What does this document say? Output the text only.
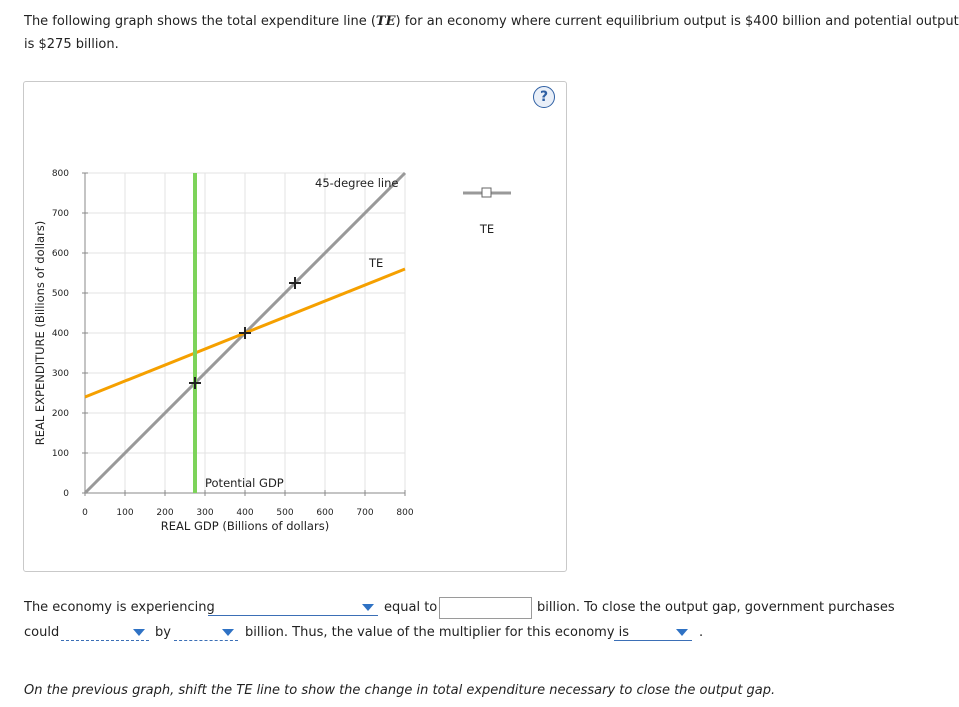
The following graph shows the total expenditure line (TE) for an economy where current equilibrium output is $400 billion and potential output
is $275 billion.
?
0	100	200	300	400	500	600	700	800
0
100
200
300
400
500
600
700
800
REAL GDP (Billions of dollars)
REAL EXPENDITURE (Billions of dollars)
45-degree line
TE
Potential GDP
TE
The economy is experiencing	equal to	billion. To close the output gap, government purchases
could	by	billion. Thus, the value of the multiplier for this economy is	.
On the previous graph, shift the TE line to show the change in total expenditure necessary to close the output gap.
